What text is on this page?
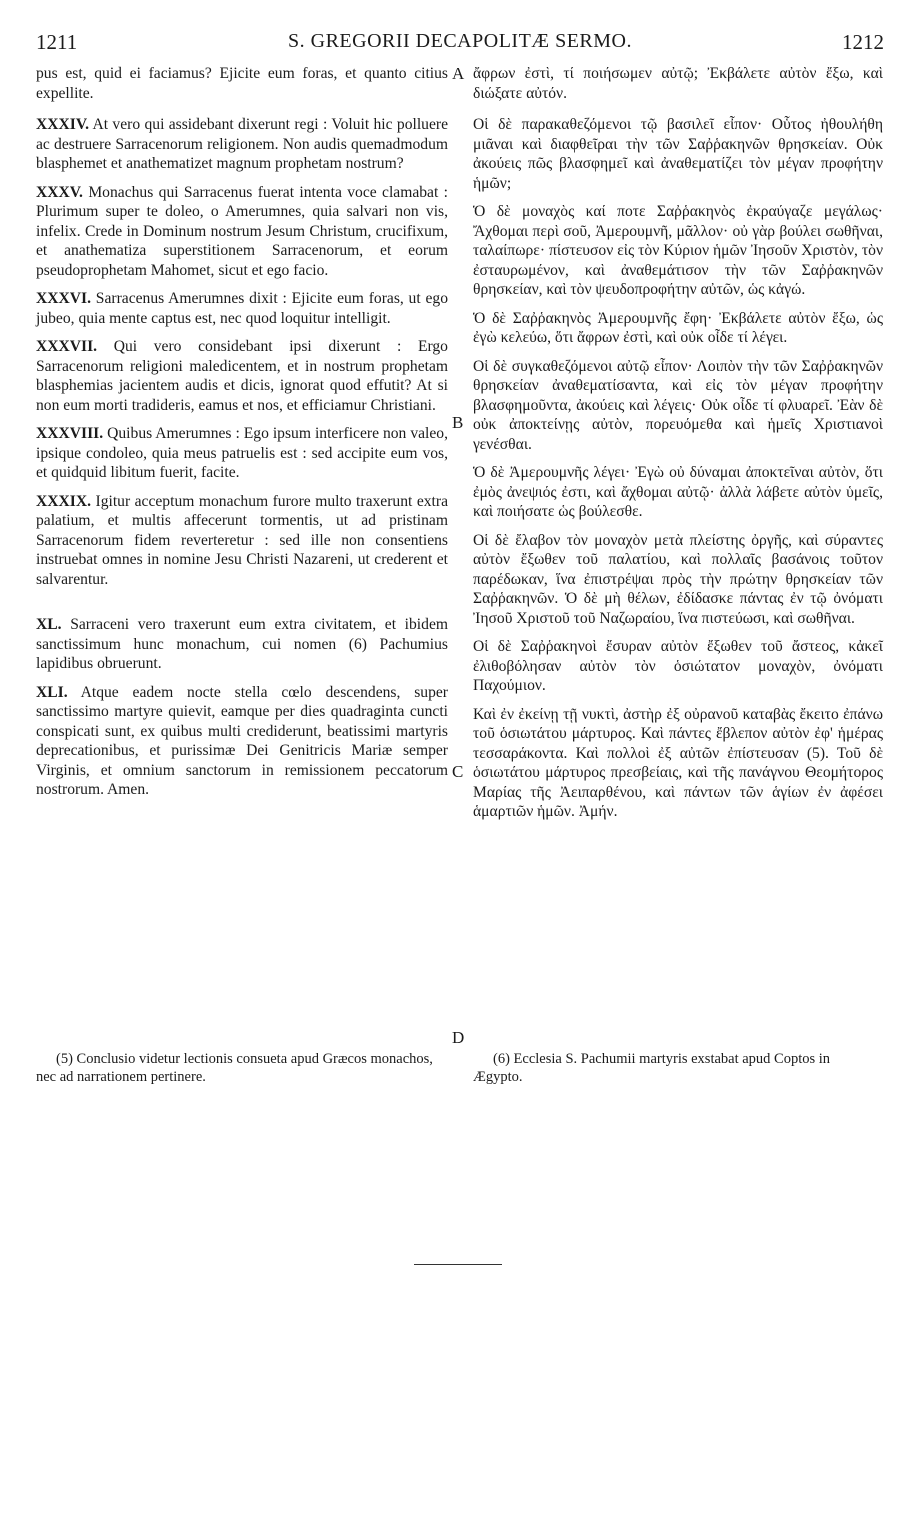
1211	S. GREGORII DECAPOLITÆ SERMO.	1212

pus est, quid ei faciamus? Ejicite eum foras, et quanto citius expellite.

XXXIV. At vero qui assidebant dixerunt regi : Voluit hic polluere ac destruere Sarracenorum religionem. Non audis quemadmodum blasphemet et anathematizet magnum prophetam nostrum?

XXXV. Monachus qui Sarracenus fuerat intenta voce clamabat : Plurimum super te doleo, o Amerumnes, quia salvari non vis, infelix. Crede in Dominum nostrum Jesum Christum, crucifixum, et anathematiza superstitionem Sarracenorum, et eorum pseudoprophetam Mahomet, sicut et ego facio.

XXXVI. Sarracenus Amerumnes dixit : Ejicite eum foras, ut ego jubeo, quia mente captus est, nec quod loquitur intelligit.

XXXVII. Qui vero considebant ipsi dixerunt : Ergo Sarracenorum religioni maledicentem, et in nostrum prophetam blasphemias jacientem audis et dicis, ignorat quod effutit? At si non eum morti tradideris, eamus et nos, et efficiamur Christiani.

XXXVIII. Quibus Amerumnes : Ego ipsum interficere non valeo, ipsique condoleo, quia meus patruelis est : sed accipite eum vos, et quidquid libitum fuerit, facite.

XXXIX. Igitur acceptum monachum furore multo traxerunt extra palatium, et multis affecerunt tormentis, ut ad pristinam Sarracenorum fidem reverteretur : sed ille non consentiens instruebat omnes in nomine Jesu Christi Nazareni, ut crederent et salvarentur.

XL. Sarraceni vero traxerunt eum extra civitatem, et ibidem sanctissimum hunc monachum, cui nomen (6) Pachumius lapidibus obruerunt.

XLI. Atque eadem nocte stella cœlo descendens, super sanctissimo martyre quievit, eamque per dies quadraginta cuncti conspicati sunt, ex quibus multi crediderunt, beatissimi martyris deprecationibus, et purissimæ Dei Genitricis Mariæ semper Virginis, et omnium sanctorum in remissionem peccatorum nostrorum. Amen.

A
B
C
D

ἄφρων ἐστὶ, τί ποιήσωμεν αὐτῷ; Ἐκβάλετε αὐτὸν ἔξω, καὶ διώξατε αὐτόν.

Οἱ δὲ παρακαθεζόμενοι τῷ βασιλεῖ εἶπον· Οὗτος ἠθουλήθη μιᾶναι καὶ διαφθεῖραι τὴν τῶν Σαῤῥακηνῶν θρησκείαν. Οὐκ ἀκούεις πῶς βλασφημεῖ καὶ ἀναθεματίζει τὸν μέγαν προφήτην ἡμῶν;

Ὁ δὲ μοναχὸς καί ποτε Σαῤῥακηνὸς ἐκραύγαζε μεγάλως· Ἄχθομαι περὶ σοῦ, Ἀμερουμνῆ, μᾶλλον· οὐ γὰρ βούλει σωθῆναι, ταλαίπωρε· πίστευσον εἰς τὸν Κύριον ἡμῶν Ἰησοῦν Χριστὸν, τὸν ἐσταυρωμένον, καὶ ἀναθεμάτισον τὴν τῶν Σαῤῥακηνῶν θρησκείαν, καὶ τὸν ψευδοπροφήτην αὐτῶν, ὡς κἀγώ.

Ὁ δὲ Σαῤῥακηνὸς Ἀμερουμνῆς ἔφη· Ἐκβάλετε αὐτὸν ἔξω, ὡς ἐγὼ κελεύω, ὅτι ἄφρων ἐστὶ, καὶ οὐκ οἶδε τί λέγει.

Οἱ δὲ συγκαθεζόμενοι αὐτῷ εἶπον· Λοιπὸν τὴν τῶν Σαῤῥακηνῶν θρησκείαν ἀναθεματίσαντα, καὶ εἰς τὸν μέγαν προφήτην βλασφημοῦντα, ἀκούεις καὶ λέγεις· Οὐκ οἶδε τί φλυαρεῖ. Ἐὰν δὲ οὐκ ἀποκτείνῃς αὐτὸν, πορευόμεθα καὶ ἡμεῖς Χριστιανοὶ γενέσθαι.

Ὁ δὲ Ἀμερουμνῆς λέγει· Ἐγὼ οὐ δύναμαι ἀποκτεῖναι αὐτὸν, ὅτι ἐμὸς ἀνεψιός ἐστι, καὶ ἄχθομαι αὐτῷ· ἀλλὰ λάβετε αὐτὸν ὑμεῖς, καὶ ποιήσατε ὡς βούλεσθε.

Οἱ δὲ ἔλαβον τὸν μοναχὸν μετὰ πλείστης ὀργῆς, καὶ σύραντες αὐτὸν ἔξωθεν τοῦ παλατίου, καὶ πολλαῖς βασάνοις τοῦτον παρέδωκαν, ἵνα ἐπιστρέψαι πρὸς τὴν πρώτην θρησκείαν τῶν Σαῤῥακηνῶν. Ὁ δὲ μὴ θέλων, ἐδίδασκε πάντας ἐν τῷ ὀνόματι Ἰησοῦ Χριστοῦ τοῦ Ναζωραίου, ἵνα πιστεύωσι, καὶ σωθῆναι.

Οἱ δὲ Σαῤῥακηνοὶ ἔσυραν αὐτὸν ἔξωθεν τοῦ ἄστεος, κἀκεῖ ἐλιθοβόλησαν αὐτὸν τὸν ὁσιώτατον μοναχὸν, ὀνόματι Παχούμιον.

Καὶ ἐν ἐκείνῃ τῇ νυκτὶ, ἀστὴρ ἐξ οὐρανοῦ καταβὰς ἔκειτο ἐπάνω τοῦ ὁσιωτάτου μάρτυρος. Καὶ πάντες ἔβλεπον αὐτὸν ἐφ' ἡμέρας τεσσαράκοντα. Καὶ πολλοὶ ἐξ αὐτῶν ἐπίστευσαν (5). Τοῦ δὲ ὁσιωτάτου μάρτυρος πρεσβείαις, καὶ τῆς πανάγνου Θεομήτορος Μαρίας τῆς Ἀειπαρθένου, καὶ πάντων τῶν ἁγίων ἐν ἀφέσει ἁμαρτιῶν ἡμῶν. Ἀμήν.

(5) Conclusio videtur lectionis consueta apud Græcos monachos, nec ad narrationem pertinere.
(6) Ecclesia S. Pachumii martyris exstabat apud Coptos in Ægypto.
